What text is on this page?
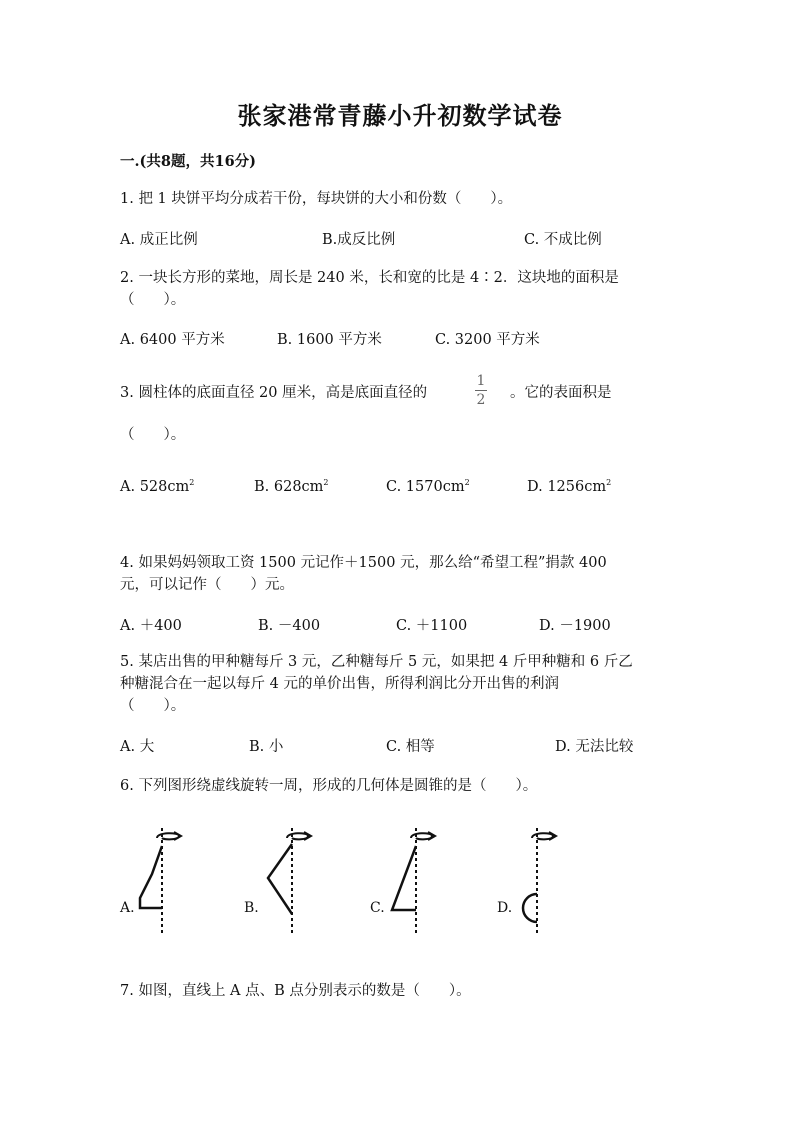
张家港常青藤小升初数学试卷
一.(共8题，共16分)
1. 把 1 块饼平均分成若干份，每块饼的大小和份数（　　）。
A. 成正比例	B.成反比例	C. 不成比例
2. 一块长方形的菜地，周长是 240 米，长和宽的比是 4∶2．这块地的面积是
（　　）。
A. 6400 平方米	B. 1600 平方米	C. 3200 平方米
3. 圆柱体的底面直径 20 厘米，高是底面直径的
1
2 。它的表面积是
（　　）。
A. $528cm^2$	B. $628cm^2$	C. $1570cm^2$	D. $1256cm^2$
4. 如果妈妈领取工资 1500 元记作＋1500 元，那么给“希望工程”捐款 400
元，可以记作（　　）元。
A. ＋400	B. －400	C. ＋1100	D. －1900
5. 某店出售的甲种糖每斤 3 元，乙种糖每斤 5 元，如果把 4 斤甲种糖和 6 斤乙
种糖混合在一起以每斤 4 元的单价出售，所得利润比分开出售的利润
（　　）。
A. 大	B. 小	C. 相等	D. 无法比较
6. 下列图形绕虚线旋转一周，形成的几何体是圆锥的是（　　）。
A.	B.	C.	D.
7. 如图，直线上 A 点、B 点分别表示的数是（　　）。
